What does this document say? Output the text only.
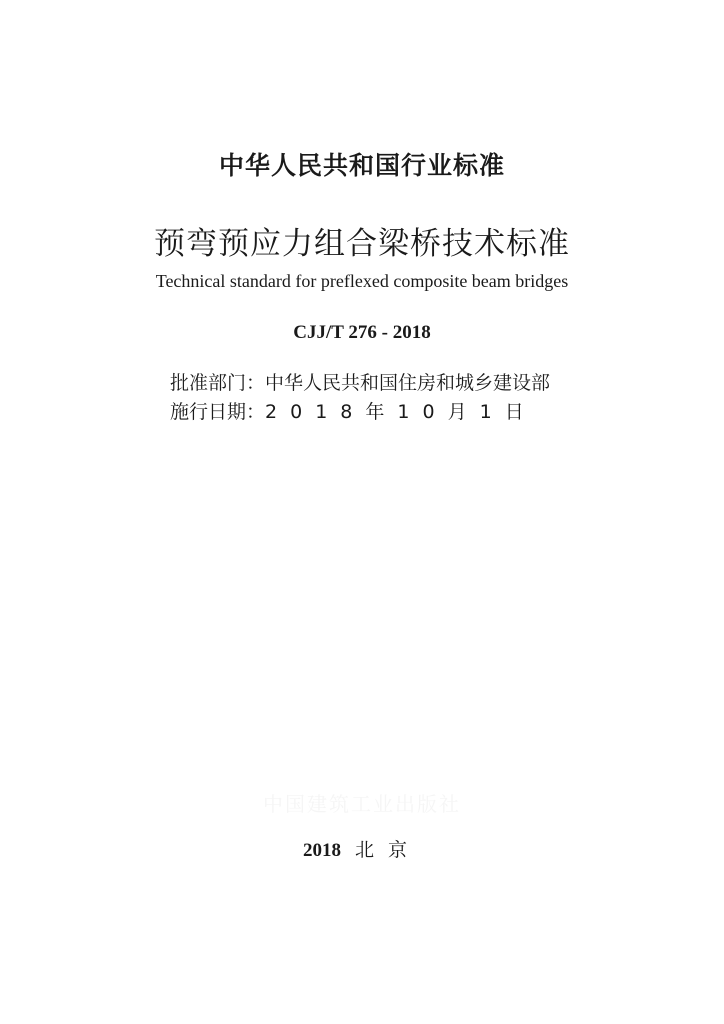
中华人民共和国行业标准
预弯预应力组合梁桥技术标准
Technical standard for preflexed composite beam bridges
CJJ/T 276 - 2018
批准部门：中华人民共和国住房和城乡建设部
施行日期：2 0 1 8 年 1 0 月 1 日
中国建筑工业出版社
2018 北京
